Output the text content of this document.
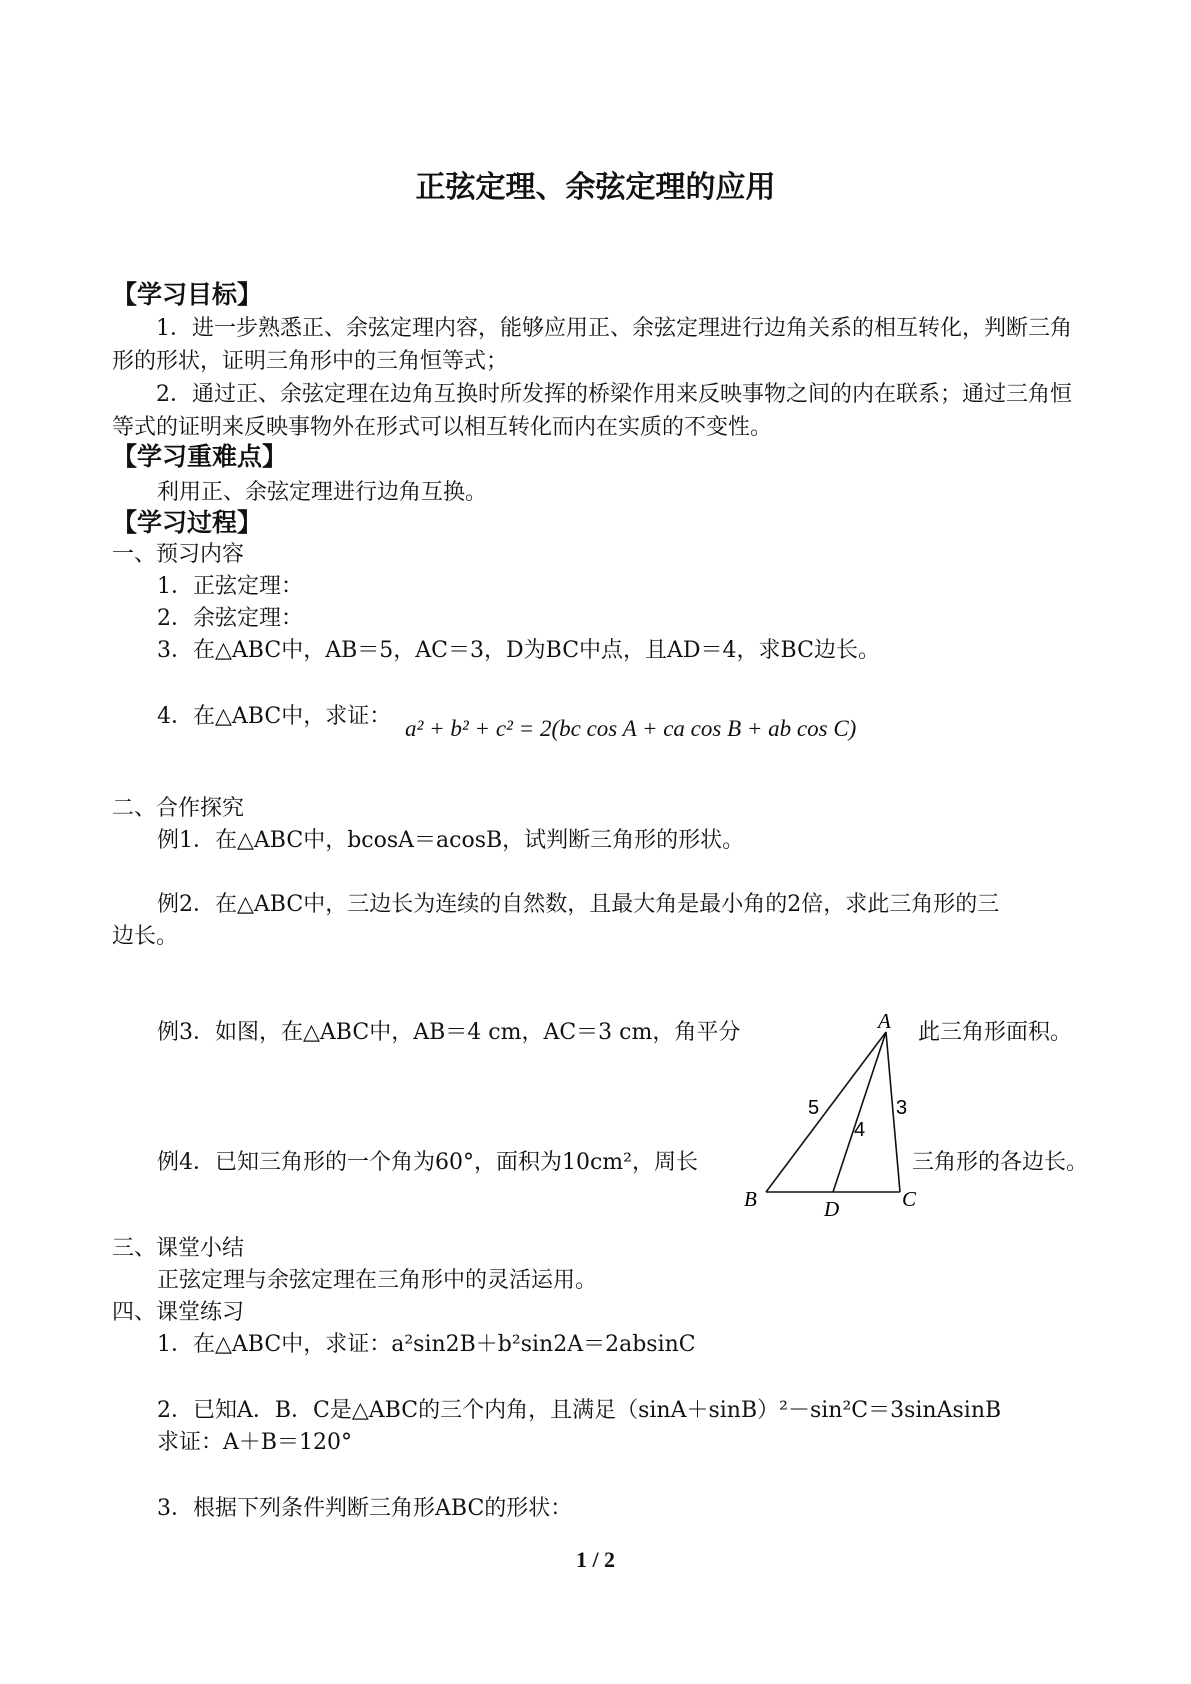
正弦定理、余弦定理的应用
【学习目标】
1．进一步熟悉正、余弦定理内容，能够应用正、余弦定理进行边角关系的相互转化，判断三角形的形状，证明三角形中的三角恒等式；
2．通过正、余弦定理在边角互换时所发挥的桥梁作用来反映事物之间的内在联系；通过三角恒等式的证明来反映事物外在形式可以相互转化而内在实质的不变性。
【学习重难点】
利用正、余弦定理进行边角互换。
【学习过程】
一、预习内容
1．正弦定理：
2．余弦定理：
3．在△ABC中，AB＝5，AC＝3，D为BC中点，且AD＝4，求BC边长。
4．在△ABC中，求证： a² + b² + c² = 2(bc cos A + ca cos B + ab cos C)
二、合作探究
例1．在△ABC中，bcosA＝acosB，试判断三角形的形状。
例2．在△ABC中，三边长为连续的自然数，且最大角是最小角的2倍，求此三角形的三
边长。
例3．如图，在△ABC中，AB＝4 cm，AC＝3 cm，角平分	此三角形面积。
例4．已知三角形的一个角为60°，面积为10cm²，周长	三角形的各边长。
A
B	C
D
5
4
3
三、课堂小结
正弦定理与余弦定理在三角形中的灵活运用。
四、课堂练习
1．在△ABC中，求证：a²sin2B＋b²sin2A＝2absinC
2．已知A．B．C是△ABC的三个内角，且满足（sinA＋sinB）²－sin²C＝3sinAsinB
求证：A＋B＝120°
3．根据下列条件判断三角形ABC的形状：
1 / 2
